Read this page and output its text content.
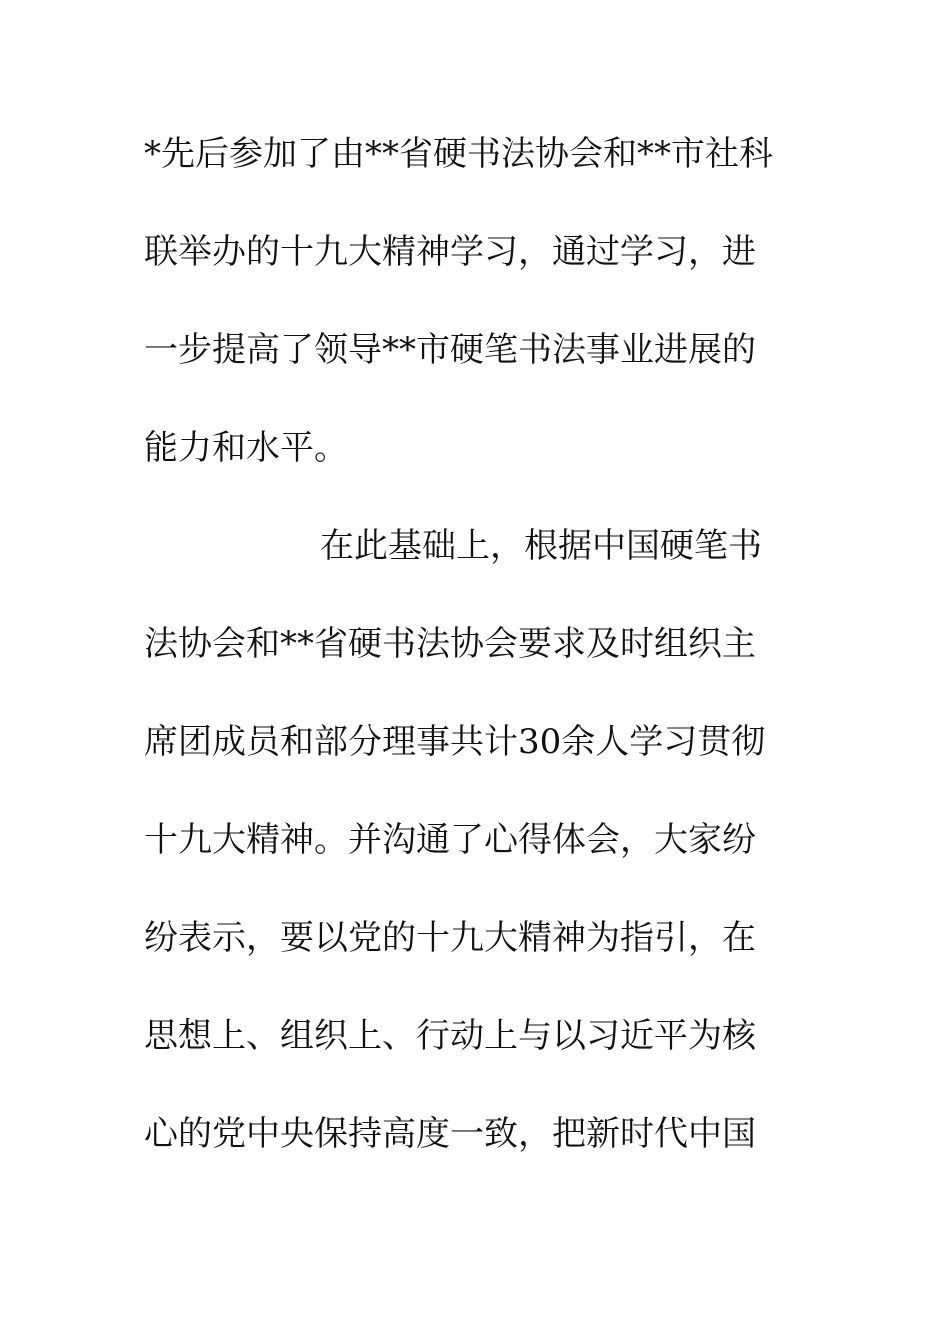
*先后参加了由**省硬书法协会和**市社科
联举办的十九大精神学习，通过学习，进
一步提高了领导**市硬笔书法事业进展的
能力和水平。
在此基础上，根据中国硬笔书
法协会和**省硬书法协会要求及时组织主
席团成员和部分理事共计30余人学习贯彻
十九大精神。并沟通了心得体会，大家纷
纷表示，要以党的十九大精神为指引，在
思想上、组织上、行动上与以习近平为核
心的党中央保持高度一致，把新时代中国
